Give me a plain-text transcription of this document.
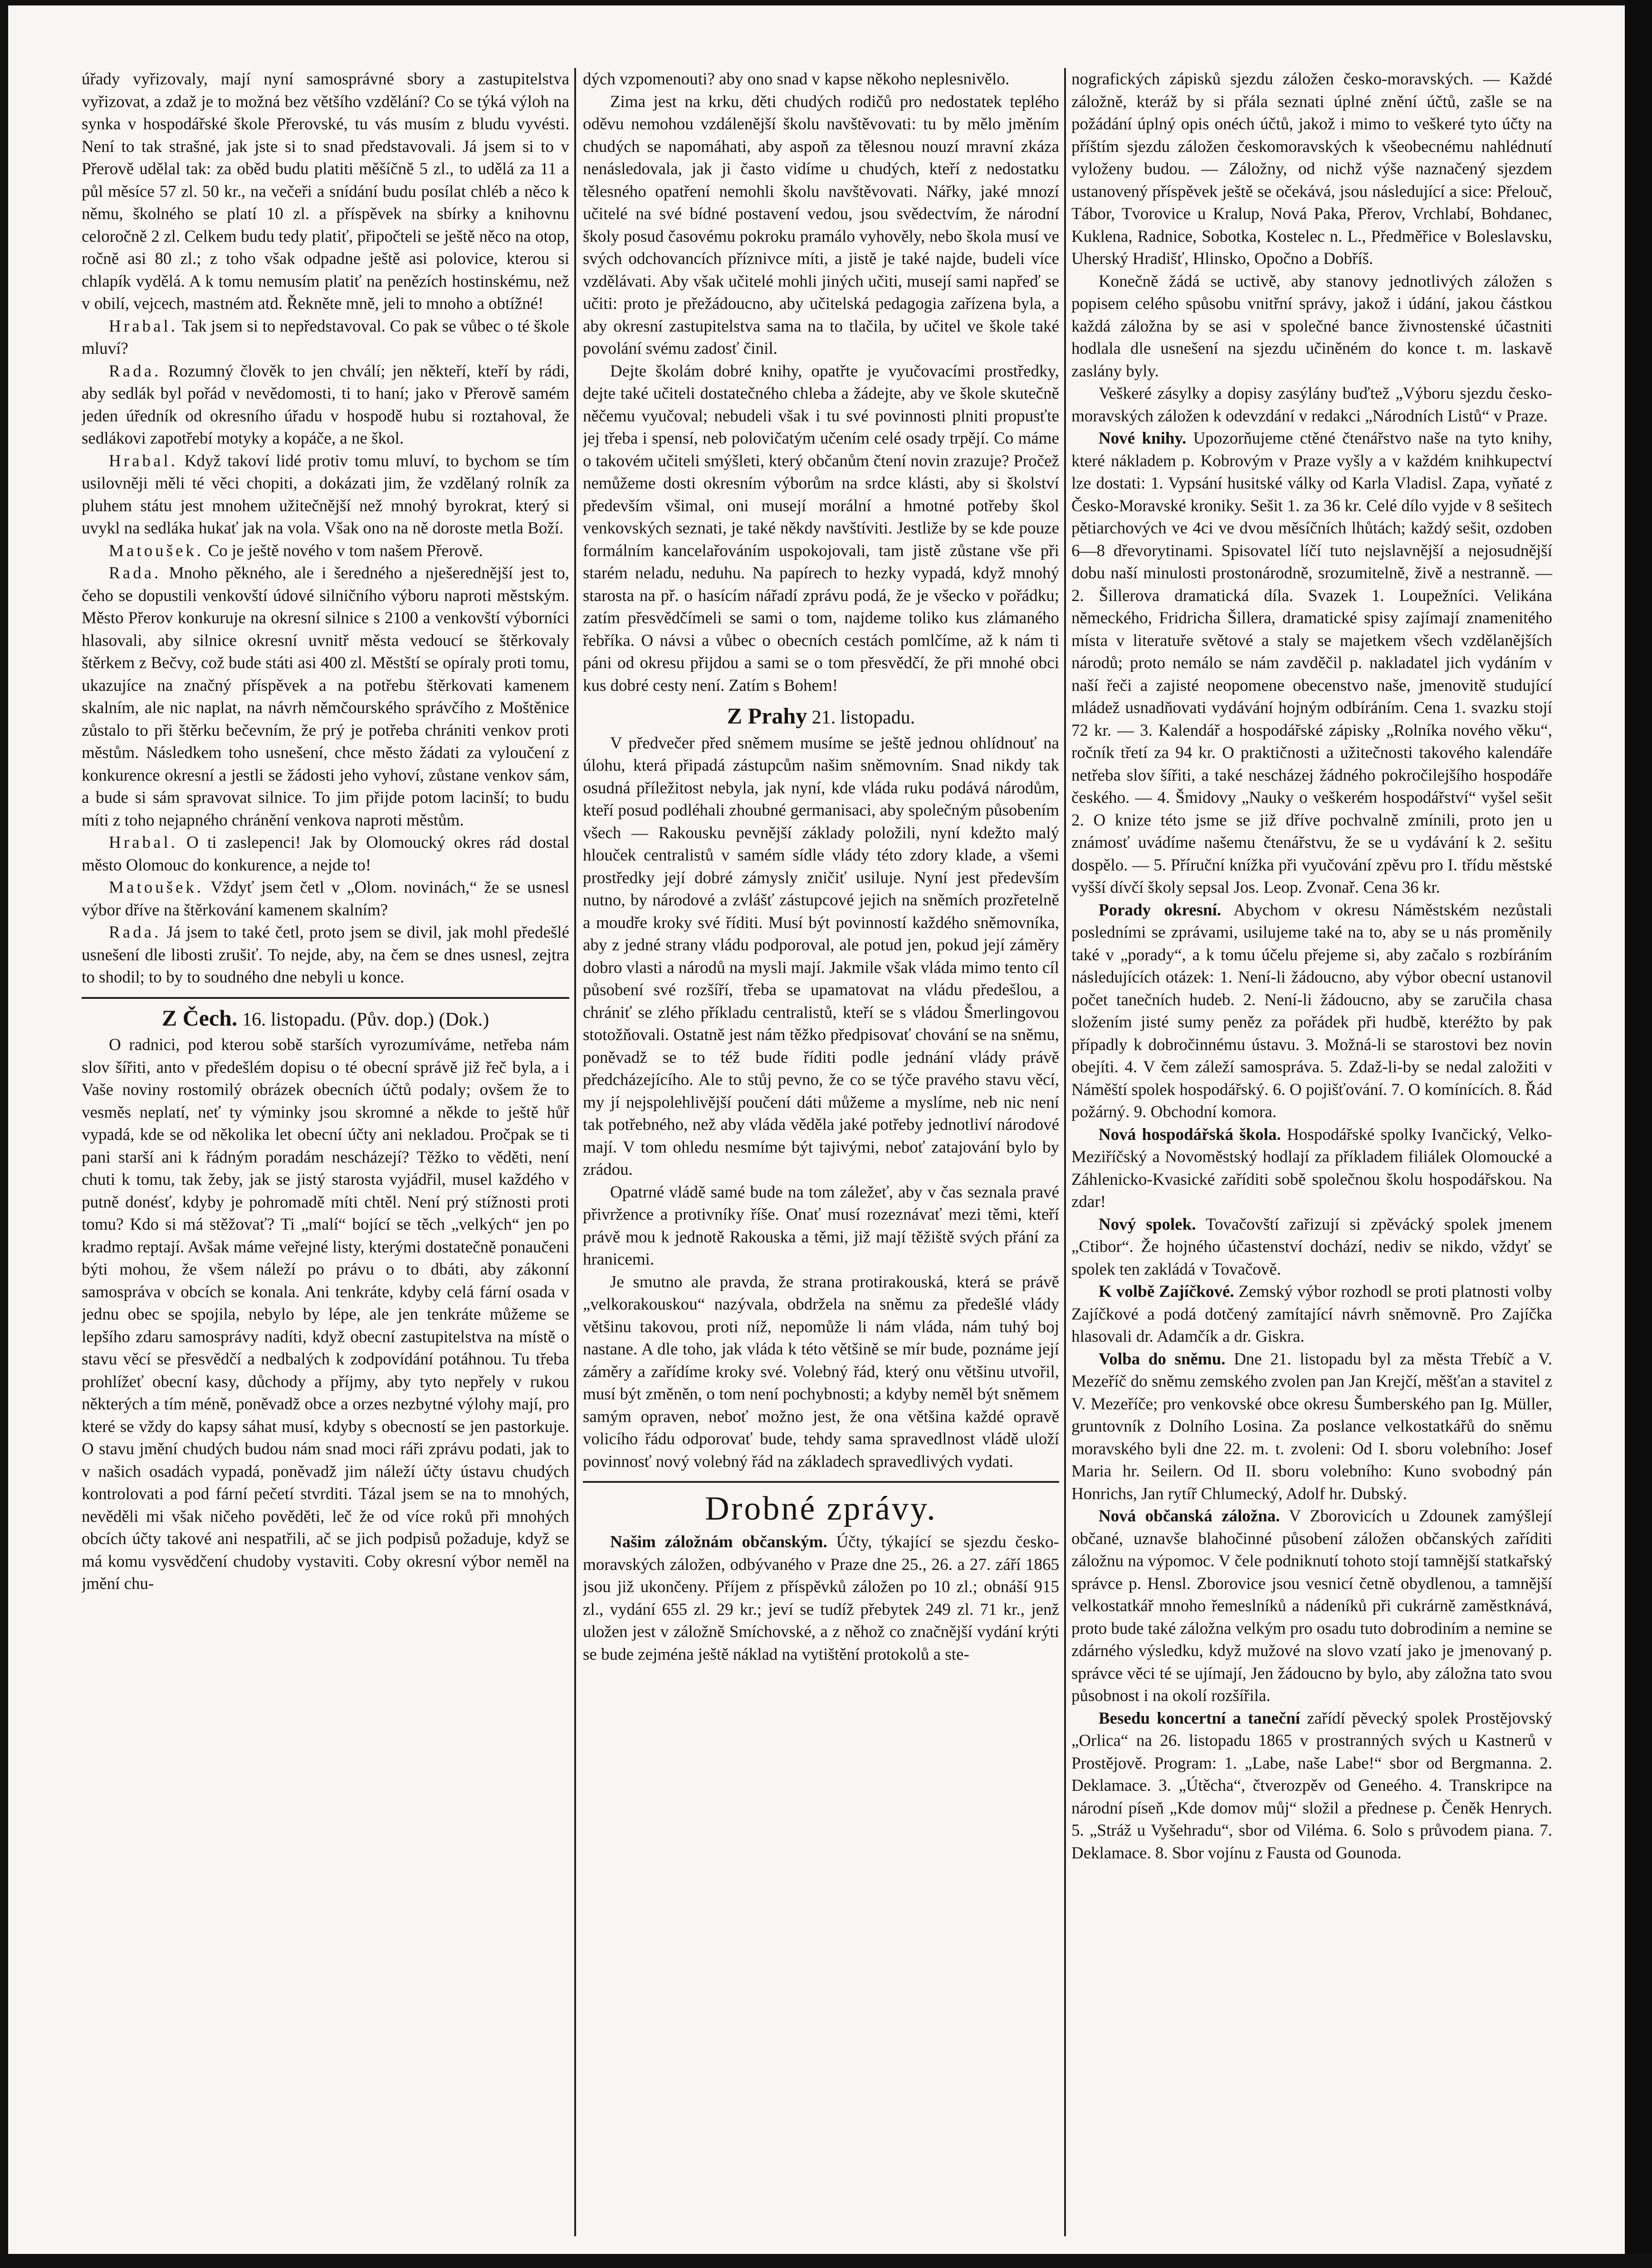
úřady vyřizovaly, mají nyní samosprávné sbory a zastupitelstva vyřizovat, a zdaž je to možná bez většího vzdělání? Co se týká výloh na synka v hospodářské škole Přerovské, tu vás musím z bludu vyvésti. Není to tak strašné, jak jste si to snad představovali. Já jsem si to v Přerově udělal tak: za oběd budu platiti měšíčně 5 zl., to udělá za 11 a půl měsíce 57 zl. 50 kr., na večeři a snídání budu posílat chléb a něco k němu, školného se platí 10 zl. a příspěvek na sbírky a knihovnu celoročně 2 zl. Celkem budu tedy platiť, připočteli se ještě něco na otop, ročně asi 80 zl.; z toho však odpadne ještě asi polovice, kterou si chlapík vydělá. A k tomu nemusím platiť na penězích hostinskému, než v obilí, vejcech, mastném atd. Řekněte mně, jeli to mnoho a obtížné!

Hrabal. Tak jsem si to nepředstavoval. Co pak se vůbec o té škole mluví?

Rada. Rozumný člověk to jen chválí; jen někteří, kteří by rádi, aby sedlák byl pořád v nevědomosti, ti to haní; jako v Přerově samém jeden úředník od okresního úřadu v hospodě hubu si roztahoval, že sedlákovi zapotřebí motyky a kopáče, a ne škol.

Hrabal. Když takoví lidé protiv tomu mluví, to bychom se tím usilovněji měli té věci chopiti, a dokázati jim, že vzdělaný rolník za pluhem státu jest mnohem užitečnější než mnohý byrokrat, který si uvykl na sedláka hukať jak na vola. Však ono na ně doroste metla Boží.

Matoušek. Co je ještě nového v tom našem Přerově.

Rada. Mnoho pěkného, ale i šeredného a nješerednější jest to, čeho se dopustili venkovští údové silničního výboru naproti městským. Město Přerov konkuruje na okresní silnice s 2100 a venkovští výborníci hlasovali, aby silnice okresní uvnitř města vedoucí se štěrkovaly štěrkem z Bečvy, což bude státi asi 400 zl. Městští se opíraly proti tomu, ukazujíce na značný příspěvek a na potřebu štěrkovati kamenem skalním, ale nic naplat, na návrh němčourského správčího z Moštěnice zůstalo to při štěrku bečevním, že prý je potřeba chrániti venkov proti městům. Následkem toho usnešení, chce město žádati za vyloučení z konkurence okresní a jestli se žádosti jeho vyhoví, zůstane venkov sám, a bude si sám spravovat silnice. To jim přijde potom lacinší; to budu míti z toho nejapného chránění venkova naproti městům.

Hrabal. O ti zaslepenci! Jak by Olomoucký okres rád dostal město Olomouc do konkurence, a nejde to!

Matoušek. Vždyť jsem četl v „Olom. novinách,“ že se usnesl výbor dříve na štěrkování kamenem skalním?

Rada. Já jsem to také četl, proto jsem se divil, jak mohl předešlé usnešení dle libosti zrušiť. To nejde, aby, na čem se dnes usnesl, zejtra to shodil; to by to soudného dne nebyli u konce.

Z Čech. 16. listopadu. (Pův. dop.) (Dok.)

O radnici, pod kterou sobě starších vyrozumíváme, netřeba nám slov šířiti, anto v předešlém dopisu o té obecní správě již řeč byla, a i Vaše noviny rostomilý obrázek obecních účtů podaly; ovšem že to vesměs neplatí, neť ty výminky jsou skromné a někde to ještě hůř vypadá, kde se od několika let obecní účty ani nekladou. Pročpak se ti pani starší ani k řádným poradám nescházejí? Těžko to věděti, není chuti k tomu, tak žeby, jak se jistý starosta vyjádřil, musel každého v putně donésť, kdyby je pohromadě míti chtěl. Není prý stížnosti proti tomu? Kdo si má stěžovať? Ti „malí“ bojící se těch „velkých“ jen po kradmo reptají. Avšak máme veřejné listy, kterými dostatečně ponaučeni býti mohou, že všem náleží po právu o to dbáti, aby zákonní samospráva v obcích se konala. Ani tenkráte, kdyby celá fární osada v jednu obec se spojila, nebylo by lépe, ale jen tenkráte můžeme se lepšího zdaru samosprávy nadíti, když obecní zastupitelstva na místě o stavu věcí se přesvědčí a nedbalých k zodpovídání potáhnou. Tu třeba prohlížeť obecní kasy, důchody a příjmy, aby tyto nepřely v rukou některých a tím méně, poněvadž obce a orzes nezbytné výlohy mají, pro které se vždy do kapsy sáhat musí, kdyby s obecností se jen pastorkuje. O stavu jmění chudých budou nám snad moci ráři zprávu podati, jak to v našich osadách vypadá, poněvadž jim náleží účty ústavu chudých kontrolovati a pod fární pečetí stvrditi. Tázal jsem se na to mnohých, nevěděli mi však ničeho pověděti, leč že od více roků při mnohých obcích účty takové ani nespatřili, ač se jich podpisů požaduje, když se má komu vysvědčení chudoby vystaviti. Coby okresní výbor neměl na jmění chu-

dých vzpomenouti? aby ono snad v kapse někoho neplesnivělo.

Zima jest na krku, děti chudých rodičů pro nedostatek teplého oděvu nemohou vzdálenější školu navštěvovati: tu by mělo jměním chudých se napomáhati, aby aspoň za tělesnou nouzí mravní zkáza nenásledovala, jak ji často vidíme u chudých, kteří z nedostatku tělesného opatření nemohli školu navštěvovati. Nářky, jaké mnozí učitelé na své bídné postavení vedou, jsou svědectvím, že národní školy posud časovému pokroku pramálo vyhověly, nebo škola musí ve svých odchovancích příznivce míti, a jistě je také najde, budeli více vzdělávati. Aby však učitelé mohli jiných učiti, musejí sami napřeď se učiti: proto je přežádoucno, aby učitelská pedagogia zařízena byla, a aby okresní zastupitelstva sama na to tlačila, by učitel ve škole také povolání svému zadosť činil.

Dejte školám dobré knihy, opatřte je vyučovacími prostředky, dejte také učiteli dostatečného chleba a žádejte, aby ve škole skutečně něčemu vyučoval; nebudeli však i tu své povinnosti plniti propusťte jej třeba i spensí, neb polovičatým učením celé osady trpějí. Co máme o takovém učiteli smýšleti, který občanům čtení novin zrazuje? Pročež nemůžeme dosti okresním výborům na srdce klásti, aby si školství především všimal, oni musejí morální a hmotné potřeby škol venkovských seznati, je také někdy navštíviti. Jestliže by se kde pouze formálním kancelařováním uspokojovali, tam jistě zůstane vše při starém neladu, neduhu. Na papírech to hezky vypadá, když mnohý starosta na př. o hasícím nářadí zprávu podá, že je všecko v pořádku; zatím přesvědčímeli se sami o tom, najdeme toliko kus zlámaného řebříka. O návsi a vůbec o obecních cestách pomlčíme, až k nám ti páni od okresu přijdou a sami se o tom přesvědčí, že při mnohé obci kus dobré cesty není. Zatím s Bohem!

Z Prahy 21. listopadu.

V předvečer před sněmem musíme se ještě jednou ohlídnouť na úlohu, která připadá zástupcům našim sněmovním. Snad nikdy tak osudná příležitost nebyla, jak nyní, kde vláda ruku podává národům, kteří posud podléhali zhoubné germanisaci, aby společným působením všech — Rakousku pevnější základy položili, nyní kdežto malý hlouček centralistů v samém sídle vlády této zdory klade, a všemi prostředky její dobré zámysly zničiť usiluje. Nyní jest především nutno, by národové a zvlášť zástupcové jejich na sněmích prozřetelně a moudře kroky své říditi. Musí být povinností každého sněmovníka, aby z jedné strany vládu podporoval, ale potud jen, pokud její záměry dobro vlasti a národů na mysli mají. Jakmile však vláda mimo tento cíl působení své rozšíří, třeba se upamatovat na vládu předešlou, a chrániť se zlého příkladu centralistů, kteří se s vládou Šmerlingovou stotožňovali. Ostatně jest nám těžko předpisovať chování se na sněmu, poněvadž se to též bude říditi podle jednání vlády právě předcházejícího. Ale to stůj pevno, že co se týče pravého stavu věcí, my jí nejspolehlivější poučení dáti můžeme a myslíme, neb nic není tak potřebného, než aby vláda věděla jaké potřeby jednotliví národové mají. V tom ohledu nesmíme být tajivými, neboť zatajování bylo by zrádou.

Opatrné vládě samé bude na tom záležeť, aby v čas seznala pravé přivržence a protivníky říše. Onať musí rozeznávať mezi těmi, kteří právě mou k jednotě Rakouska a těmi, již mají těžiště svých přání za hranicemi.

Je smutno ale pravda, že strana protirakouská, která se právě „velkorakouskou“ nazývala, obdržela na sněmu za předešlé vlády většinu takovou, proti níž, nepomůže li nám vláda, nám tuhý boj nastane. A dle toho, jak vláda k této většině se mír bude, poznáme její záměry a zařídíme kroky své. Volebný řád, který onu většinu utvořil, musí být změněn, o tom není pochybnosti; a kdyby neměl být sněmem samým opraven, neboť možno jest, že ona většina každé opravě volicího řádu odporovať bude, tehdy sama spravedlnost vládě uloží povinnosť nový volebný řád na základech spravedlivých vydati.

Drobné zprávy.

Našim záložnám občanským. Účty, týkající se sjezdu česko-moravských záložen, odbývaného v Praze dne 25., 26. a 27. září 1865 jsou již ukončeny. Příjem z příspěvků záložen po 10 zl.; obnáší 915 zl., vydání 655 zl. 29 kr.; jeví se tudíž přebytek 249 zl. 71 kr., jenž uložen jest v záložně Smíchovské, a z něhož co značnější vydání krýti se bude zejména ještě náklad na vytištění protokolů a ste-

nografických zápisků sjezdu záložen česko-moravských. — Každé záložně, kteráž by si přála seznati úplné znění účtů, zašle se na požádání úplný opis onéch účtů, jakož i mimo to veškeré tyto účty na příštím sjezdu záložen českomoravských k všeobecnému nahlédnutí vyloženy budou. — Záložny, od nichž výše naznačený sjezdem ustanovený příspěvek ještě se očekává, jsou následující a sice: Přelouč, Tábor, Tvorovice u Kralup, Nová Paka, Přerov, Vrchlabí, Bohdanec, Kuklena, Radnice, Sobotka, Kostelec n. L., Předměřice v Boleslavsku, Uherský Hradišť, Hlinsko, Opočno a Dobříš.

Konečně žádá se uctivě, aby stanovy jednotlivých záložen s popisem celého spůsobu vnitřní správy, jakož i údání, jakou částkou každá záložna by se asi v společné bance živnostenské účastniti hodlala dle usnešení na sjezdu učiněném do konce t. m. laskavě zaslány byly.

Veškeré zásylky a dopisy zasýlány buďtež „Výboru sjezdu česko-moravských záložen k odevzdání v redakci „Národních Listů“ v Praze.

Nové knihy. Upozorňujeme ctěné čtenářstvo naše na tyto knihy, které nákladem p. Kobrovým v Praze vyšly a v každém knihkupectví lze dostati: 1. Vypsání husitské války od Karla Vladisl. Zapa, vyňaté z Česko-Moravské kroniky. Sešit 1. za 36 kr. Celé dílo vyjde v 8 sešitech pětiarchových ve 4ci ve dvou měsíčních lhůtách; každý sešit, ozdoben 6—8 dřevorytinami. Spisovatel líčí tuto nejslavnější a nejosudnější dobu naší minulosti prostonárodně, srozumitelně, živě a nestranně. — 2. Šillerova dramatická díla. Svazek 1. Loupežníci. Velikána německého, Fridricha Šillera, dramatické spisy zajímají znamenitého místa v literatuře světové a staly se majetkem všech vzdělanějších národů; proto nemálo se nám zavděčil p. nakladatel jich vydáním v naší řeči a zajisté neopomene obecenstvo naše, jmenovitě studující mládež usnadňovati vydávání hojným odbíráním. Cena 1. svazku stojí 72 kr. — 3. Kalendář a hospodářské zápisky „Rolníka nového věku“, ročník třetí za 94 kr. O praktičnosti a užitečnosti takového kalendáře netřeba slov šířiti, a také nescházej žádného pokročilejšího hospodáře českého. — 4. Šmidovy „Nauky o veškerém hospodářství“ vyšel sešit 2. O knize této jsme se již dříve pochvalně zmínili, proto jen u známosť uvádíme našemu čtenářstvu, že se u vydávání k 2. sešitu dospělo. — 5. Příruční knížka při vyučování zpěvu pro I. třídu městské vyšší dívčí školy sepsal Jos. Leop. Zvonař. Cena 36 kr.

Porady okresní. Abychom v okresu Náměstském nezůstali posledními se zprávami, usilujeme také na to, aby se u nás proměnily také v „porady“, a k tomu účelu přejeme si, aby začalo s rozbíráním následujících otázek: 1. Není-li žádoucno, aby výbor obecní ustanovil počet tanečních hudeb. 2. Není-li žádoucno, aby se zaručila chasa složením jisté sumy peněz za pořádek při hudbě, kteréžto by pak případly k dobročinnému ústavu. 3. Možná-li se starostovi bez novin obejíti. 4. V čem záleží samospráva. 5. Zdaž-li-by se nedal založiti v Náměští spolek hospodářský. 6. O pojišťování. 7. O komínících. 8. Řád požárný. 9. Obchodní komora.

Nová hospodářská škola. Hospodářské spolky Ivančický, Velko-Meziříčský a Novoměstský hodlají za příkladem filiálek Olomoucké a Záhlenicko-Kvasické zaříditi sobě společnou školu hospodářskou. Na zdar!

Nový spolek. Tovačovští zařizují si zpěvácký spolek jmenem „Ctibor“. Že hojného účastenství dochází, nediv se nikdo, vždyť se spolek ten zakládá v Tovačově.

K volbě Zajíčkové. Zemský výbor rozhodl se proti platnosti volby Zajíčkové a podá dotčený zamítající návrh sněmovně. Pro Zajíčka hlasovali dr. Adamčík a dr. Giskra.

Volba do sněmu. Dne 21. listopadu byl za města Třebíč a V. Mezeříč do sněmu zemského zvolen pan Jan Krejčí, měšťan a stavitel z V. Mezeříče; pro venkovské obce okresu Šumberského pan Ig. Müller, gruntovník z Dolního Losina. Za poslance velkostatkářů do sněmu moravského byli dne 22. m. t. zvoleni: Od I. sboru volebního: Josef Maria hr. Seilern. Od II. sboru volebního: Kuno svobodný pán Honrichs, Jan rytíř Chlumecký, Adolf hr. Dubský.

Nová občanská záložna. V Zborovicích u Zdounek zamýšlejí občané, uznavše blahočinné působení záložen občanských zaříditi záložnu na výpomoc. V čele podniknutí tohoto stojí tamnější statkařský správce p. Hensl. Zborovice jsou vesnicí četně obydlenou, a tamnější velkostatkář mnoho řemeslníků a nádeníků při cukrárně zaměstknává, proto bude také záložna velkým pro osadu tuto dobrodiním a nemine se zdárného výsledku, když mužové na slovo vzatí jako je jmenovaný p. správce věci té se ujímají, Jen žádoucno by bylo, aby záložna tato svou působnost i na okolí rozšířila.

Besedu koncertní a taneční zařídí pěvecký spolek Prostějovský „Orlica“ na 26. listopadu 1865 v prostranných svých u Kastnerů v Prostějově. Program: 1. „Labe, naše Labe!“ sbor od Bergmanna. 2. Deklamace. 3. „Útěcha“, čtverozpěv od Geneého. 4. Transkripce na národní píseň „Kde domov můj“ složil a přednese p. Čeněk Henrych. 5. „Stráž u Vyšehradu“, sbor od Viléma. 6. Solo s průvodem piana. 7. Deklamace. 8. Sbor vojínu z Fausta od Gounoda.
